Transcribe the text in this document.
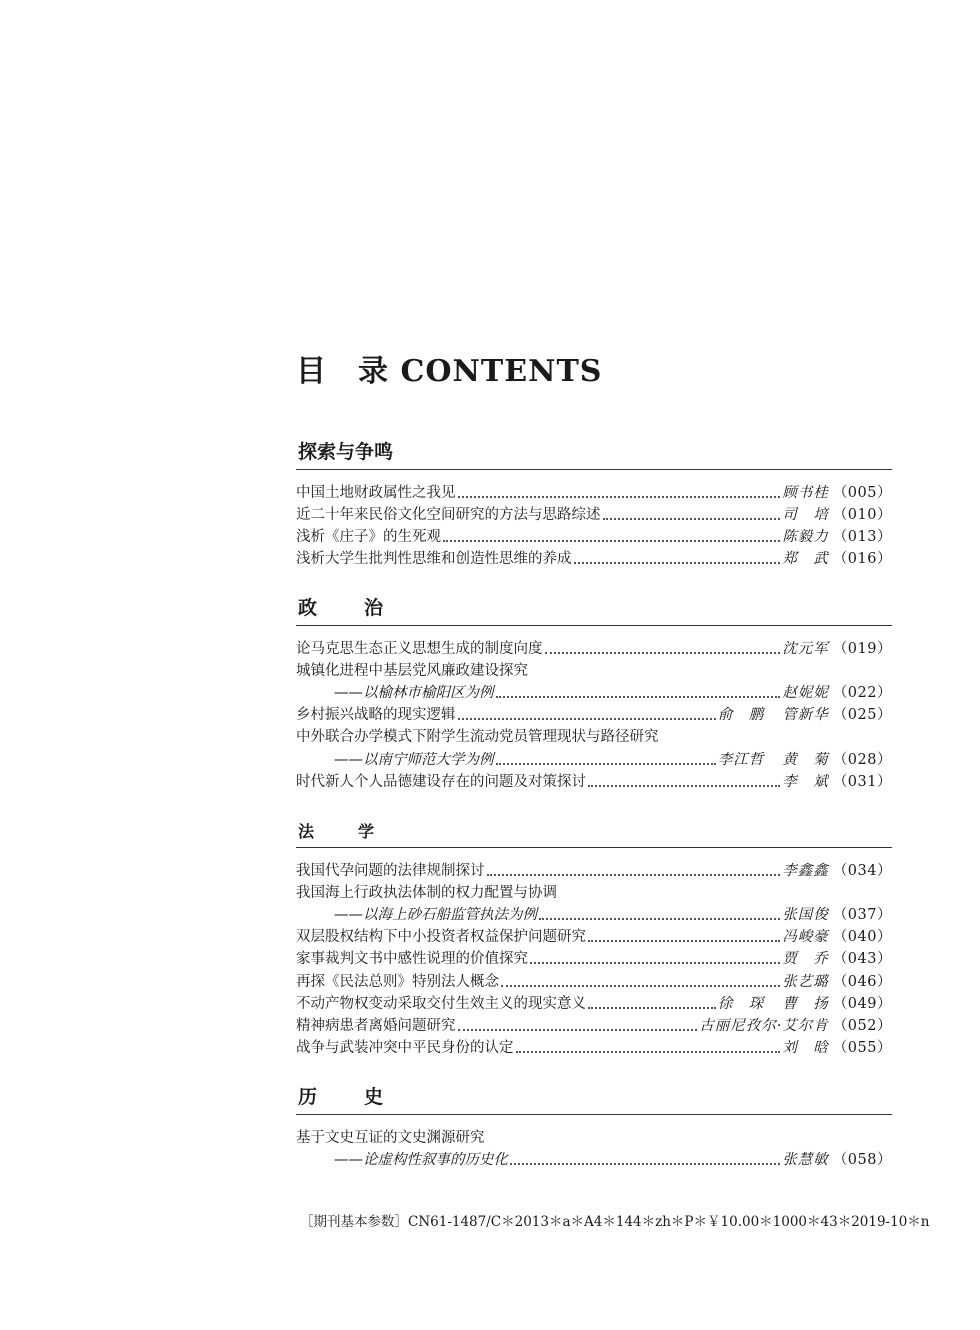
目　录 CONTENTS
探索与争鸣
中国土地财政属性之我见	顾书桂 （005）
近二十年来民俗文化空间研究的方法与思路综述	司　培 （010）
浅析《庄子》的生死观	陈毅力 （013）
浅析大学生批判性思维和创造性思维的养成	郑　武 （016）
政　治
论马克思生态正义思想生成的制度向度	沈元军 （019）
城镇化进程中基层党风廉政建设探究
——以榆林市榆阳区为例	赵妮妮 （022）
乡村振兴战略的现实逻辑	俞　鹏 管新华 （025）
中外联合办学模式下附学生流动党员管理现状与路径研究
——以南宁师范大学为例	李江哲 黄　菊 （028）
时代新人个人品德建设存在的问题及对策探讨	李　斌 （031）
法　学
我国代孕问题的法律规制探讨	李鑫鑫 （034）
我国海上行政执法体制的权力配置与协调
——以海上砂石船监管执法为例	张国俊 （037）
双层股权结构下中小投资者权益保护问题研究	冯峻豪 （040）
家事裁判文书中感性说理的价值探究	贾　乔 （043）
再探《民法总则》特别法人概念	张艺璐 （046）
不动产物权变动采取交付生效主义的现实意义	徐　琛 曹　扬 （049）
精神病患者离婚问题研究	古丽尼孜尔·艾尔肯 （052）
战争与武装冲突中平民身份的认定	刘　晗 （055）
历　史
基于文史互证的文史渊源研究
——论虚构性叙事的历史化	张慧敏 （058）
［期刊基本参数］CN61-1487/C＊2013＊a＊A4＊144＊zh＊P＊￥10.00＊1000＊43＊2019-10＊n
